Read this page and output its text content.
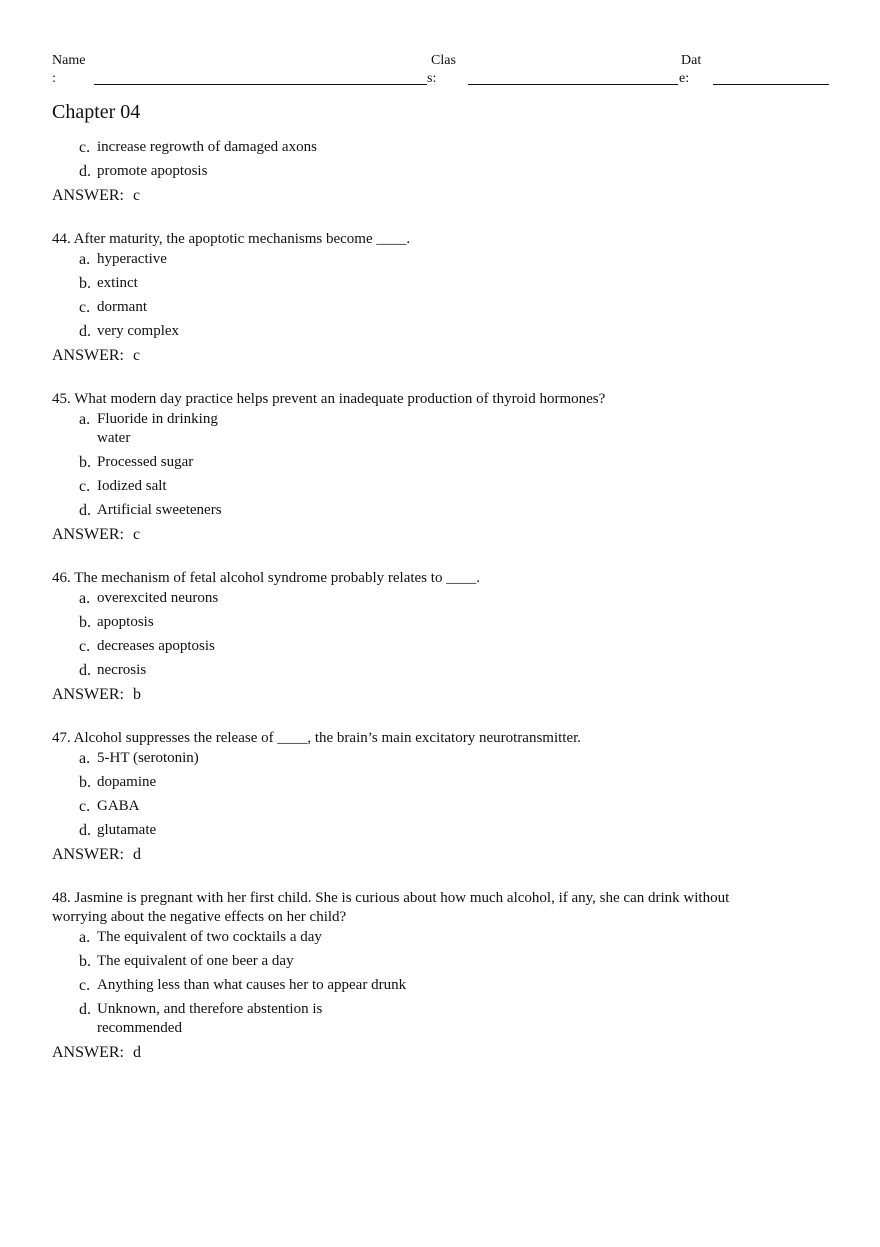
Name	Clas	Dat
:	s:	e:
Chapter 04
c. increase regrowth of damaged axons
d. promote apoptosis
ANSWER: c
44. After maturity, the apoptotic mechanisms become ____.
a. hyperactive
b. extinct
c. dormant
d. very complex
ANSWER: c
45. What modern day practice helps prevent an inadequate production of thyroid hormones?
a. Fluoride in drinking water
b. Processed sugar
c. Iodized salt
d. Artificial sweeteners
ANSWER: c
46. The mechanism of fetal alcohol syndrome probably relates to ____.
a. overexcited neurons
b. apoptosis
c. decreases apoptosis
d. necrosis
ANSWER: b
47. Alcohol suppresses the release of ____, the brain’s main excitatory neurotransmitter.
a. 5-HT (serotonin)
b. dopamine
c. GABA
d. glutamate
ANSWER: d
48. Jasmine is pregnant with her first child. She is curious about how much alcohol, if any, she can drink without worrying about the negative effects on her child?
a. The equivalent of two cocktails a day
b. The equivalent of one beer a day
c. Anything less than what causes her to appear drunk
d. Unknown, and therefore abstention is recommended
ANSWER: d
